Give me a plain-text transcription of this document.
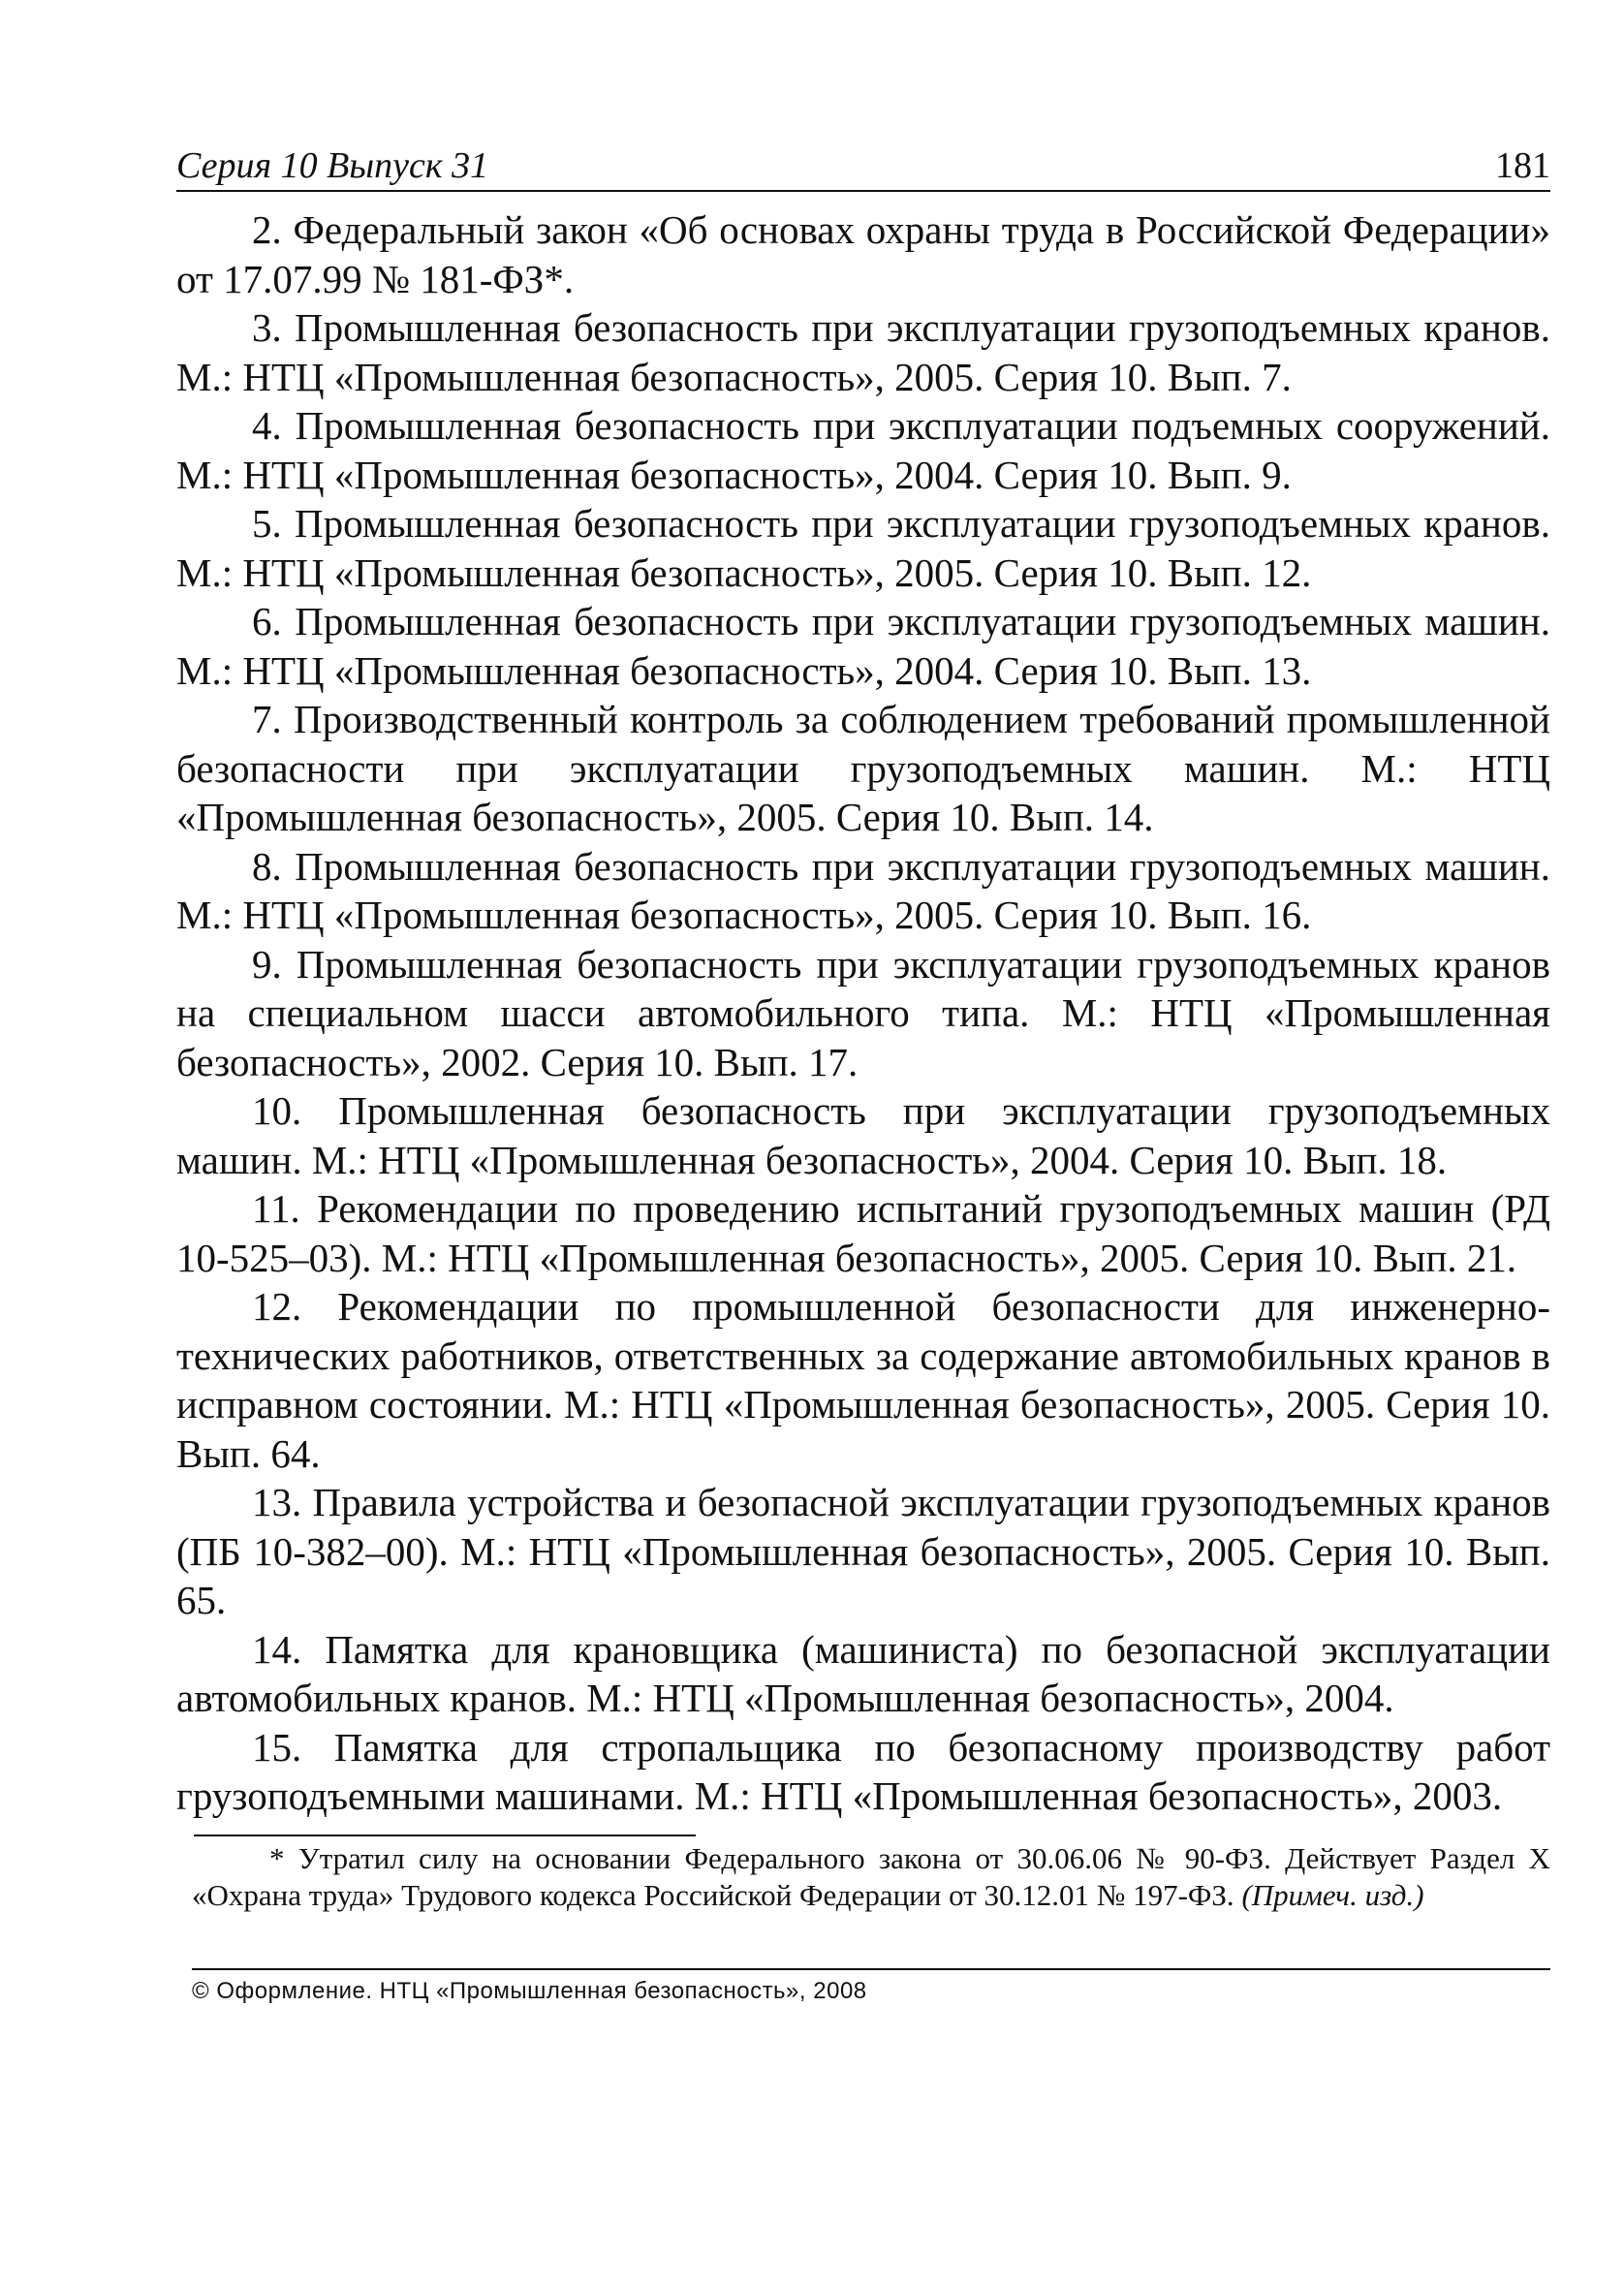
Серия 10 Выпуск 31	181

2. Федеральный закон «Об основах охраны труда в Российской Федерации» от 17.07.99 № 181-ФЗ*.

3. Промышленная безопасность при эксплуатации грузоподъемных кранов. М.: НТЦ «Промышленная безопасность», 2005. Серия 10. Вып. 7.

4. Промышленная безопасность при эксплуатации подъемных сооружений. М.: НТЦ «Промышленная безопасность», 2004. Серия 10. Вып. 9.

5. Промышленная безопасность при эксплуатации грузоподъемных кранов. М.: НТЦ «Промышленная безопасность», 2005. Серия 10. Вып. 12.

6. Промышленная безопасность при эксплуатации грузоподъемных машин. М.: НТЦ «Промышленная безопасность», 2004. Серия 10. Вып. 13.

7. Производственный контроль за соблюдением требований промышленной безопасности при эксплуатации грузоподъемных машин. М.: НТЦ «Промышленная безопасность», 2005. Серия 10. Вып. 14.

8. Промышленная безопасность при эксплуатации грузоподъемных машин. М.: НТЦ «Промышленная безопасность», 2005. Серия 10. Вып. 16.

9. Промышленная безопасность при эксплуатации грузоподъемных кранов на специальном шасси автомобильного типа. М.: НТЦ «Промышленная безопасность», 2002. Серия 10. Вып. 17.

10. Промышленная безопасность при эксплуатации грузоподъемных машин. М.: НТЦ «Промышленная безопасность», 2004. Серия 10. Вып. 18.

11. Рекомендации по проведению испытаний грузоподъемных машин (РД 10-525–03). М.: НТЦ «Промышленная безопасность», 2005. Серия 10. Вып. 21.

12. Рекомендации по промышленной безопасности для инженерно-технических работников, ответственных за содержание автомобильных кранов в исправном состоянии. М.: НТЦ «Промышленная безопасность», 2005. Серия 10. Вып. 64.

13. Правила устройства и безопасной эксплуатации грузоподъемных кранов (ПБ 10-382–00). М.: НТЦ «Промышленная безопасность», 2005. Серия 10. Вып. 65.

14. Памятка для крановщика (машиниста) по безопасной эксплуатации автомобильных кранов. М.: НТЦ «Промышленная безопасность», 2004.

15. Памятка для стропальщика по безопасному производству работ грузоподъемными машинами. М.: НТЦ «Промышленная безопасность», 2003.

* Утратил силу на основании Федерального закона от 30.06.06 № 90-ФЗ. Действует Раздел X «Охрана труда» Трудового кодекса Российской Федерации от 30.12.01 № 197-ФЗ. (Примеч. изд.)

© Оформление. НТЦ «Промышленная безопасность», 2008
